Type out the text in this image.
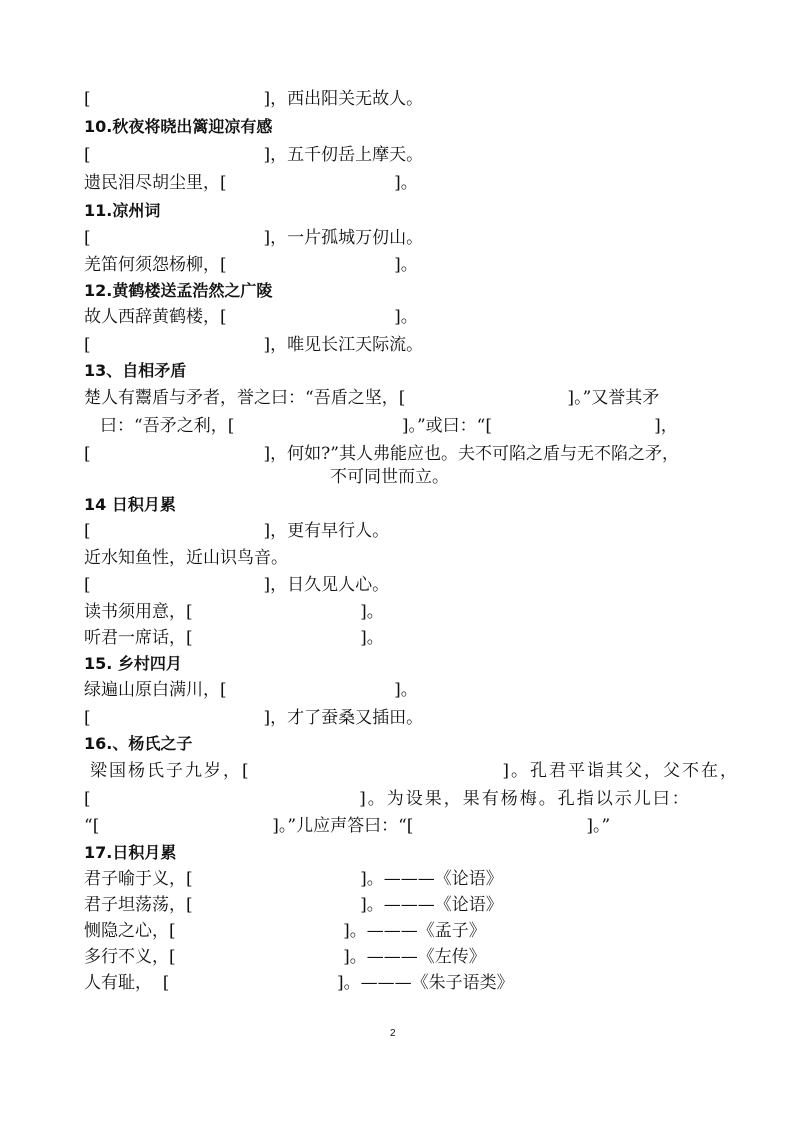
[                                ]，西出阳关无故人。
10.秋夜将晓出篱迎凉有感
[                                ]，五千仞岳上摩天。
遗民泪尽胡尘里，[                               ]。
11.凉州词
[                                ]，一片孤城万仞山。
羌笛何须怨杨柳，[                               ]。
12.黄鹤楼送孟浩然之广陵
故人西辞黄鹤楼，[                               ]。
[                                ]，唯见长江天际流。
13、自相矛盾
楚人有鬻盾与矛者，誉之曰：“吾盾之坚，[                              ]。”又誉其矛
曰：“吾矛之利，[                               ]。”或曰：“[                              ]，
[                                ]，何如?”其人弗能应也。夫不可陷之盾与无不陷之矛，
不可同世而立。
14 日积月累
[                                ]，更有早行人。
近水知鱼性，近山识鸟音。
[                                ]，日久见人心。
读书须用意，[                               ]。
听君一席话，[                               ]。
15. 乡村四月
绿遍山原白满川，[                               ]。
[                                ]，才了蚕桑又插田。
16.、杨氏之子
梁国杨氏子九岁，[                                  ]。孔君平诣其父，父不在，
[                                    ]。为设果，果有杨梅。孔指以示儿曰：
“[                                ]。”儿应声答曰：“[                                ]。”
17.日积月累
君子喻于义，[                               ]。———《论语》
君子坦荡荡，[                               ]。———《论语》
恻隐之心，[                               ]。———《孟子》
多行不义，[                               ]。———《左传》
人有耻，  [                               ]。———《朱子语类》
2
